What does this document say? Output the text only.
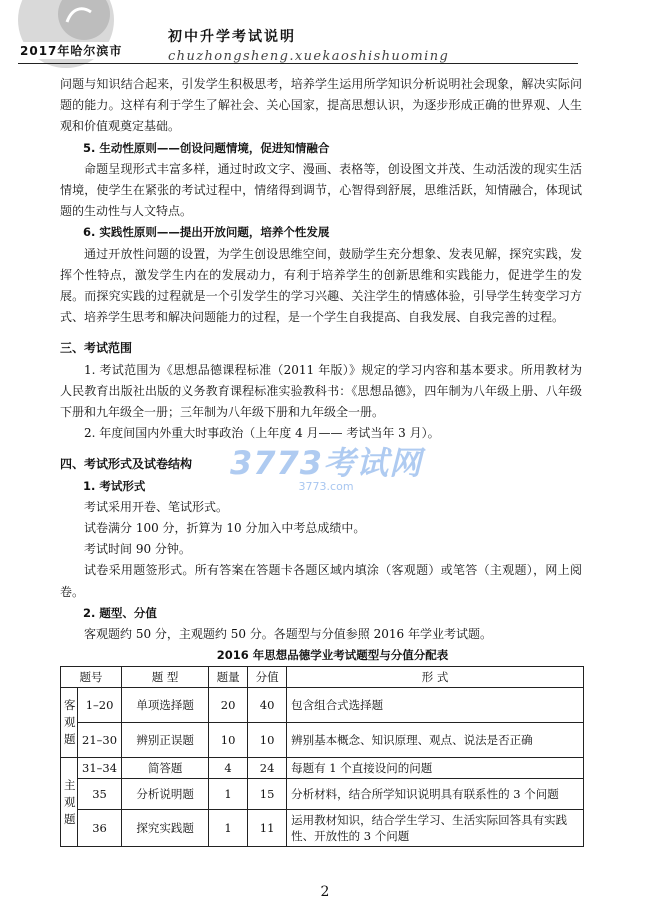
2017年哈尔滨市
初中升学考试说明
chuzhongsheng.xuekaoshishuoming

问题与知识结合起来，引发学生积极思考，培养学生运用所学知识分析说明社会现象，解决实际问题的能力。这样有利于学生了解社会、关心国家，提高思想认识，为逐步形成正确的世界观、人生观和价值观奠定基础。

5. 生动性原则——创设问题情境，促进知情融合

命题呈现形式丰富多样，通过时政文字、漫画、表格等，创设图文并茂、生动活泼的现实生活情境，使学生在紧张的考试过程中，情绪得到调节，心智得到舒展，思维活跃，知情融合，体现试题的生动性与人文特点。

6. 实践性原则——提出开放问题，培养个性发展

通过开放性问题的设置，为学生创设思维空间，鼓励学生充分想象、发表见解，探究实践，发挥个性特点，激发学生内在的发展动力，有利于培养学生的创新思维和实践能力，促进学生的发展。而探究实践的过程就是一个引发学生的学习兴趣、关注学生的情感体验，引导学生转变学习方式、培养学生思考和解决问题能力的过程，是一个学生自我提高、自我发展、自我完善的过程。

三、考试范围

1. 考试范围为《思想品德课程标准（2011 年版）》规定的学习内容和基本要求。所用教材为人民教育出版社出版的义务教育课程标准实验教科书：《思想品德》，四年制为八年级上册、八年级下册和九年级全一册；三年制为八年级下册和九年级全一册。

2. 年度间国内外重大时事政治（上年度 4 月—— 考试当年 3 月）。

四、考试形式及试卷结构

1. 考试形式

考试采用开卷、笔试形式。

试卷满分 100 分，折算为 10 分加入中考总成绩中。

考试时间 90 分钟。

试卷采用题签形式。所有答案在答题卡各题区域内填涂（客观题）或笔答（主观题），网上阅卷。

2. 题型、分值

客观题约 50 分，主观题约 50 分。各题型与分值参照 2016 年学业考试题。

2016 年思想品德学业考试题型与分值分配表

题号		题 型	题量	分值	形 式
客观题	1–20	单项选择题	20	40	包含组合式选择题
	21–30	辨别正误题	10	10	辨别基本概念、知识原理、观点、说法是否正确
主观题	31–34	简答题	4	24	每题有 1 个直接设问的问题
	35	分析说明题	1	15	分析材料，结合所学知识说明具有联系性的 3 个问题
	36	探究实践题	1	11	运用教材知识，结合学生学习、生活实际回答具有实践性、开放性的 3 个问题
3773考试网
3773.com
2
